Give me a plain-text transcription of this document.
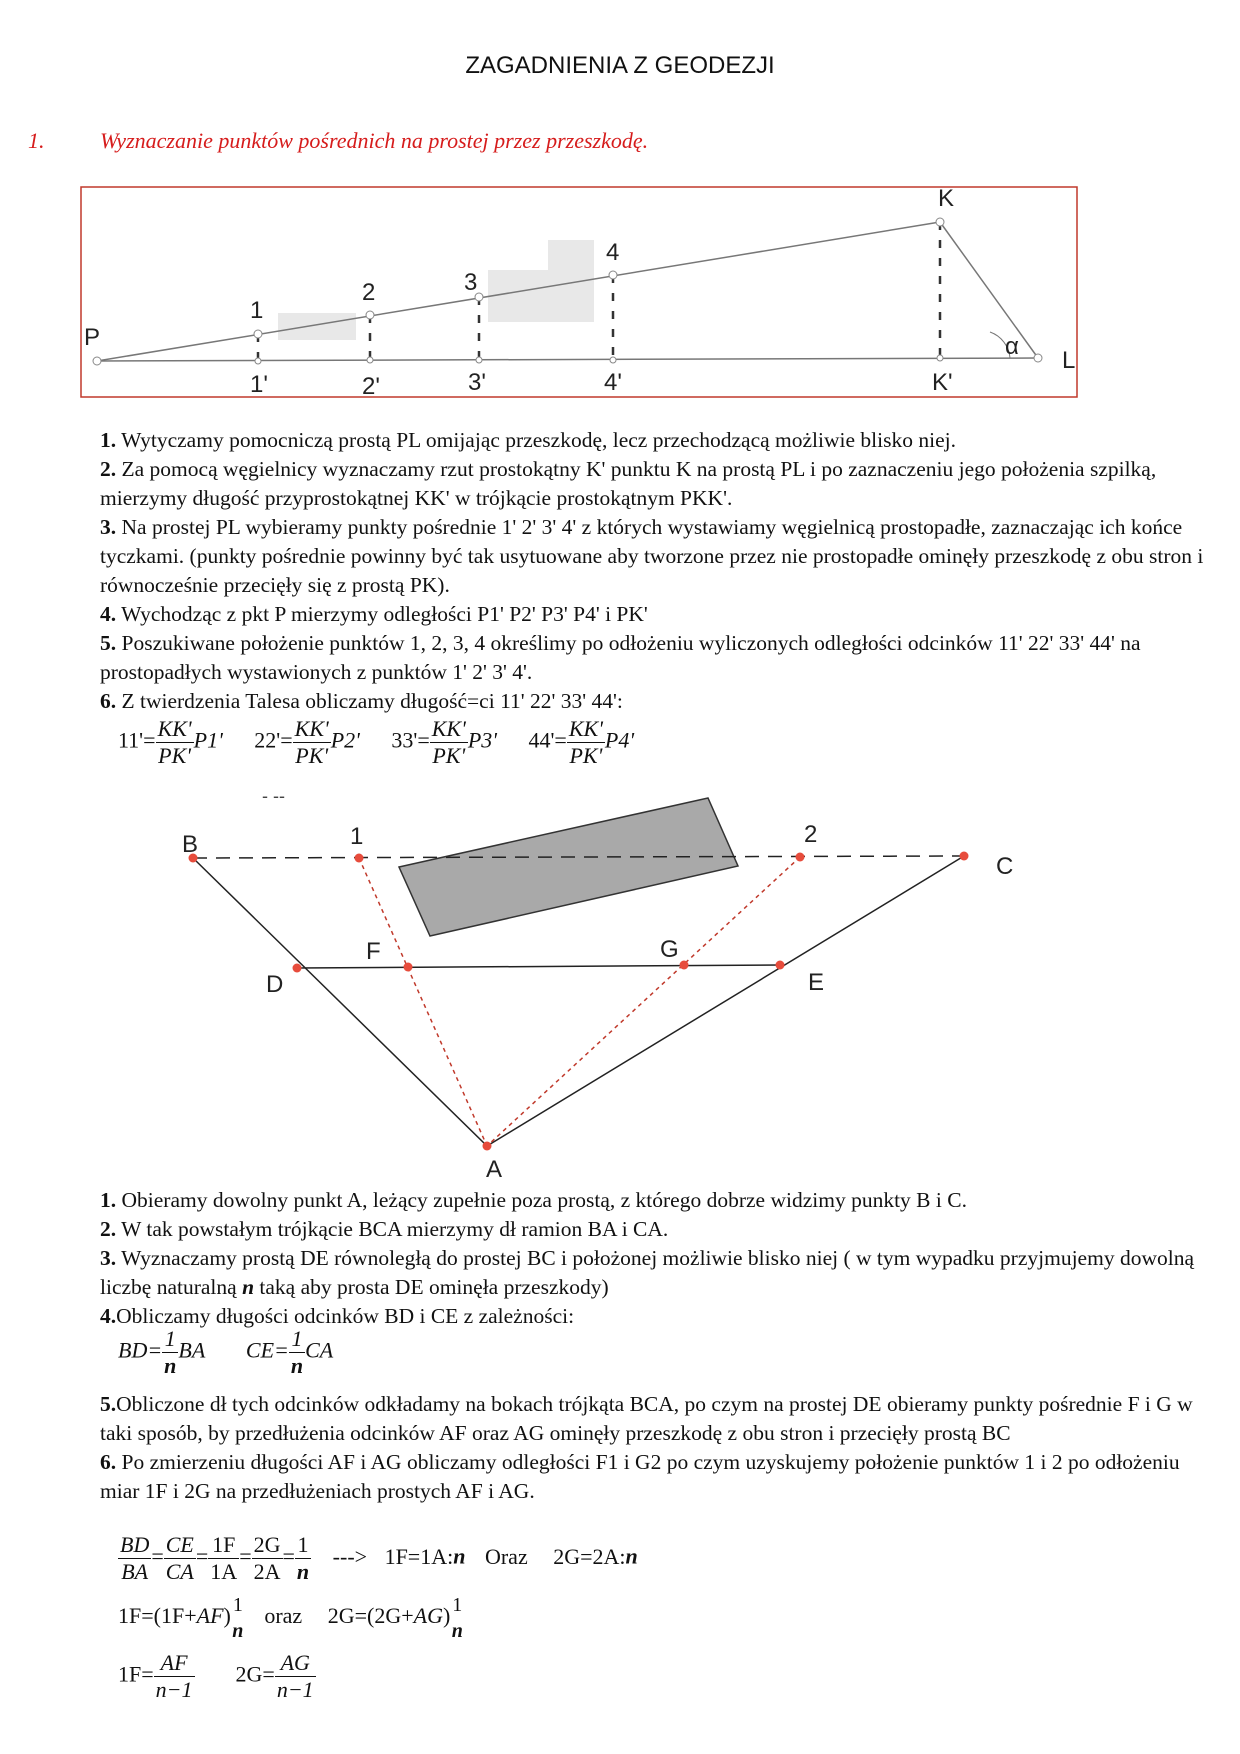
ZAGADNIENIA Z GEODEZJI
1.	Wyznaczanie punktów pośrednich na prostej przez przeszkodę.
P
L
K
K'
α
1
2	3
4
1'	2'	3'	4'
1. Wytyczamy pomocniczą prostą PL omijając przeszkodę, lecz przechodzącą możliwie blisko niej.
2. Za pomocą węgielnicy wyznaczamy rzut prostokątny K' punktu K na prostą PL i po zaznaczeniu jego położenia szpilką, mierzymy długość przyprostokątnej KK' w trójkącie prostokątnym PKK'.
3. Na prostej PL wybieramy punkty pośrednie 1' 2' 3' 4' z których wystawiamy węgielnicą prostopadłe, zaznaczając ich końce tyczkami. (punkty pośrednie powinny być tak usytuowane aby tworzone przez nie prostopadłe ominęły przeszkodę z obu stron i równocześnie przecięły się z prostą PK).
4. Wychodząc z pkt P mierzymy odległości P1' P2' P3' P4' i PK'
5. Poszukiwane położenie punktów 1, 2, 3, 4 określimy po odłożeniu wyliczonych odległości odcinków 11' 22' 33' 44' na prostopadłych wystawionych z punktów 1' 2' 3' 4'.
6. Z twierdzenia Talesa obliczamy długość=ci 11' 22' 33' 44':
$11'= \frac{KK'}{PK'} P1'$ $22'= \frac{KK'}{PK'} P2'$ $33'= \frac{KK'}{PK'} P3'$ $44'= \frac{KK'}{PK'} P4'$
- --
B
C
A
D	E
F	G
1	2
1. Obieramy dowolny punkt A, leżący zupełnie poza prostą, z którego dobrze widzimy punkty B i C.
2. W tak powstałym trójkącie BCA mierzymy dł ramion BA i CA.
3. Wyznaczamy prostą DE równoległą do prostej BC i położonej możliwie blisko niej ( w tym wypadku przyjmujemy dowolną liczbę naturalną n taką aby prosta DE ominęła przeszkody)
4.Obliczamy długości odcinków BD i CE z zależności:
$BD= \frac{1}{n}$ BA $CE= \frac{1}{n}$ CA
5.Obliczone dł tych odcinków odkładamy na bokach trójkąta BCA, po czym na prostej DE obieramy punkty pośrednie F i G w taki sposób, by przedłużenia odcinków AF oraz AG ominęły przeszkodę z obu stron i przecięły prostą BC
6. Po zmierzeniu długości AF i AG obliczamy odległości F1 i G2 po czym uzyskujemy położenie punktów 1 i 2 po odłożeniu miar 1F i 2G na przedłużeniach prostych AF i AG.
$\frac{BD}{BA} = \frac{CE}{CA} = \frac{1F}{1A} = \frac{2G}{2A} = \frac{1}{n}$ ---> 1F=1A:n Oraz 2G=2A:n
1F=(1F+AF) 1
n oraz 2G=(2G+AG) 1
n
$1F= \frac{AF}{n-1} 2G= \frac{AG}{n-1}$
